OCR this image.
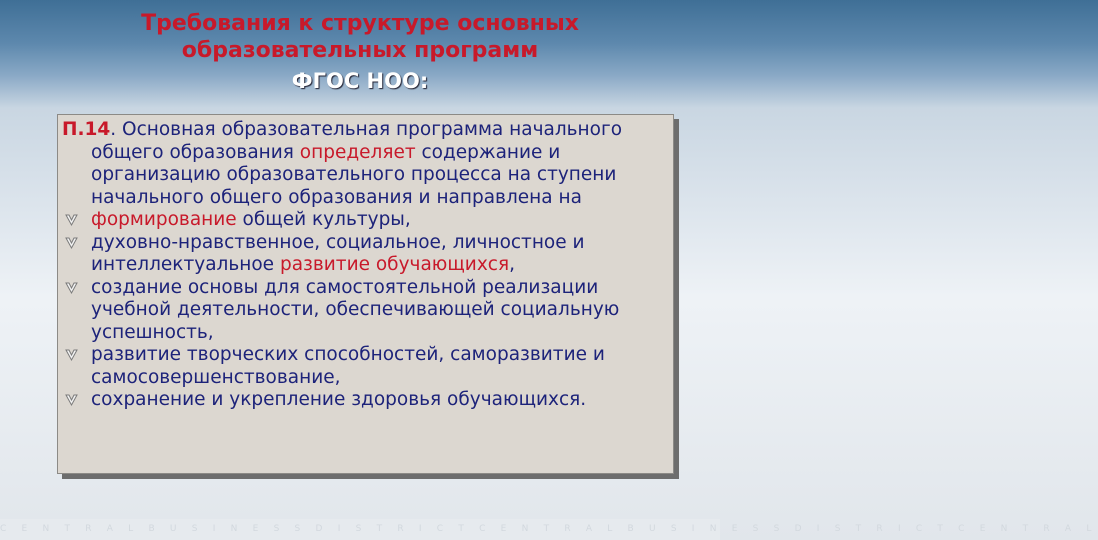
Требования к структуре основных
образовательных программ
ФГОС НОО:
П.14. Основная образовательная программа начального общего образования определяет содержание и организацию образовательного процесса на ступени начального общего образования и направлена на
формирование общей культуры,
духовно-нравственное, социальное, личностное и интеллектуальное развитие обучающихся,
создание основы для самостоятельной реализации учебной деятельности, обеспечивающей социальную успешность,
развитие творческих способностей, саморазвитие и самосовершенствование,
сохранение и укрепление здоровья обучающихся.
C E N T R A L B U S I N E S S D I S T R I C T C E N T R A L B U S I N E S S D I S T R I C T C E N T R A L
